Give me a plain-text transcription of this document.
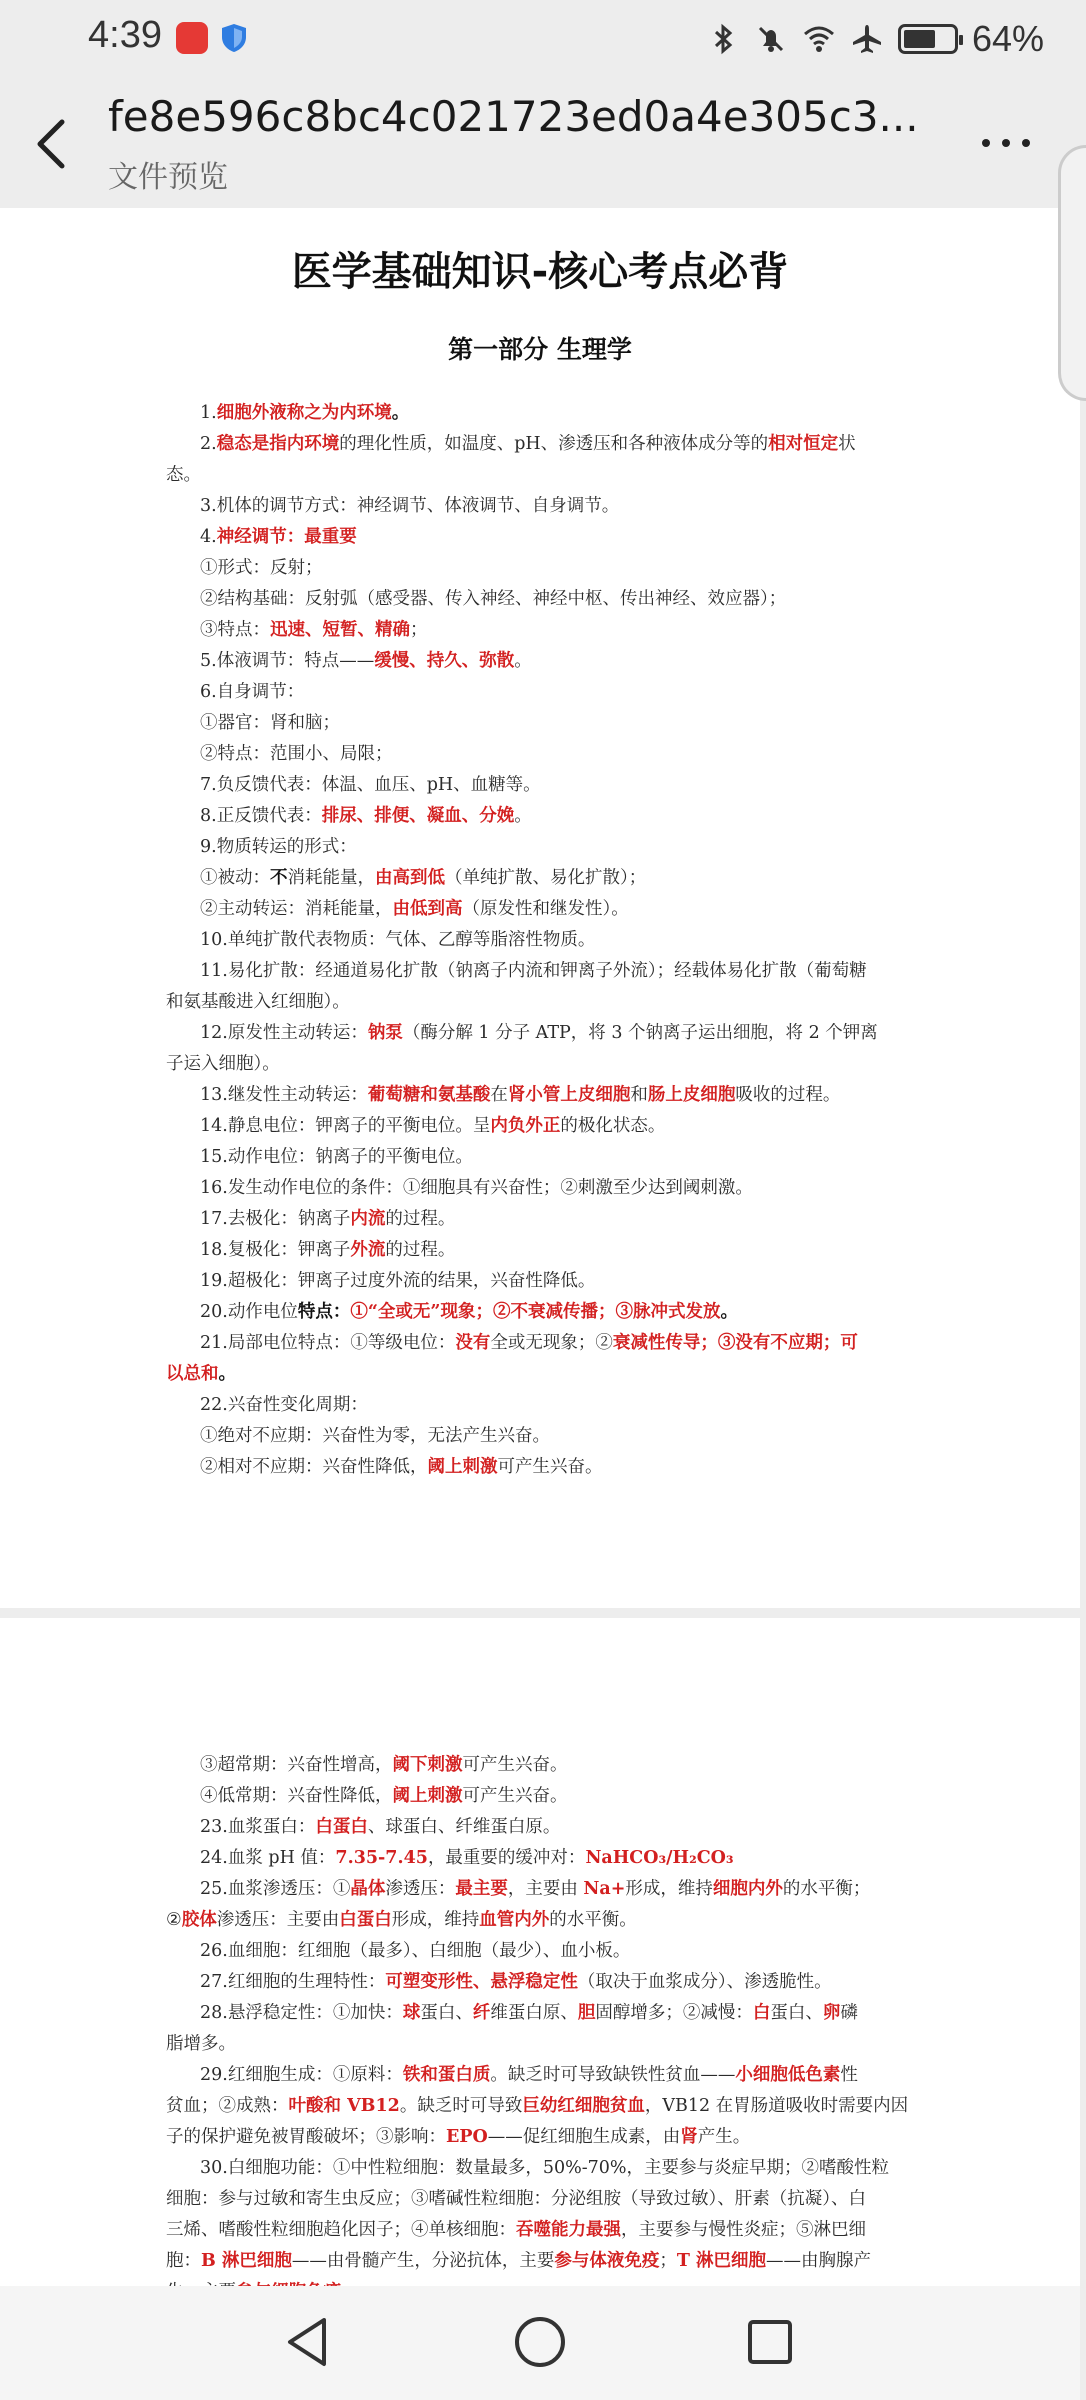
4:39	64%
fe8e596c8bc4c021723ed0a4e305c3...
文件预览
医学基础知识-核心考点必背
第一部分 生理学
1.细胞外液称之为内环境。
2.稳态是指内环境的理化性质，如温度、pH、渗透压和各种液体成分等的相对恒定状
态。
3.机体的调节方式：神经调节、体液调节、自身调节。
4.神经调节：最重要
①形式：反射；
②结构基础：反射弧（感受器、传入神经、神经中枢、传出神经、效应器）；
③特点：迅速、短暂、精确；
5.体液调节：特点——缓慢、持久、弥散。
6.自身调节：
①器官：肾和脑；
②特点：范围小、局限；
7.负反馈代表：体温、血压、pH、血糖等。
8.正反馈代表：排尿、排便、凝血、分娩。
9.物质转运的形式：
①被动：不消耗能量，由高到低（单纯扩散、易化扩散）；
②主动转运：消耗能量，由低到高（原发性和继发性）。
10.单纯扩散代表物质：气体、乙醇等脂溶性物质。
11.易化扩散：经通道易化扩散（钠离子内流和钾离子外流）；经载体易化扩散（葡萄糖
和氨基酸进入红细胞）。
12.原发性主动转运：钠泵（酶分解 1 分子 ATP，将 3 个钠离子运出细胞，将 2 个钾离
子运入细胞）。
13.继发性主动转运：葡萄糖和氨基酸在肾小管上皮细胞和肠上皮细胞吸收的过程。
14.静息电位：钾离子的平衡电位。呈内负外正的极化状态。
15.动作电位：钠离子的平衡电位。
16.发生动作电位的条件：①细胞具有兴奋性；②刺激至少达到阈刺激。
17.去极化：钠离子内流的过程。
18.复极化：钾离子外流的过程。
19.超极化：钾离子过度外流的结果，兴奋性降低。
20.动作电位特点：①“全或无”现象；②不衰减传播；③脉冲式发放。
21.局部电位特点：①等级电位：没有全或无现象；②衰减性传导；③没有不应期；可
以总和。
22.兴奋性变化周期：
①绝对不应期：兴奋性为零，无法产生兴奋。
②相对不应期：兴奋性降低，阈上刺激可产生兴奋。
③超常期：兴奋性增高，阈下刺激可产生兴奋。
④低常期：兴奋性降低，阈上刺激可产生兴奋。
23.血浆蛋白：白蛋白、球蛋白、纤维蛋白原。
24.血浆 pH 值：7.35-7.45，最重要的缓冲对：NaHCO₃/H₂CO₃
25.血浆渗透压：①晶体渗透压：最主要，主要由 Na+形成，维持细胞内外的水平衡；
②胶体渗透压：主要由白蛋白形成，维持血管内外的水平衡。
26.血细胞：红细胞（最多）、白细胞（最少）、血小板。
27.红细胞的生理特性：可塑变形性、悬浮稳定性（取决于血浆成分）、渗透脆性。
28.悬浮稳定性：①加快：球蛋白、纤维蛋白原、胆固醇增多；②减慢：白蛋白、卵磷
脂增多。
29.红细胞生成：①原料：铁和蛋白质。缺乏时可导致缺铁性贫血——小细胞低色素性
贫血；②成熟：叶酸和 VB12。缺乏时可导致巨幼红细胞贫血，VB12 在胃肠道吸收时需要内因
子的保护避免被胃酸破坏；③影响：EPO——促红细胞生成素，由肾产生。
30.白细胞功能：①中性粒细胞：数量最多，50%-70%，主要参与炎症早期；②嗜酸性粒
细胞：参与过敏和寄生虫反应；③嗜碱性粒细胞：分泌组胺（导致过敏）、肝素（抗凝）、白
三烯、嗜酸性粒细胞趋化因子；④单核细胞：吞噬能力最强，主要参与慢性炎症；⑤淋巴细
胞：B 淋巴细胞——由骨髓产生，分泌抗体，主要参与体液免疫；T 淋巴细胞——由胸腺产
